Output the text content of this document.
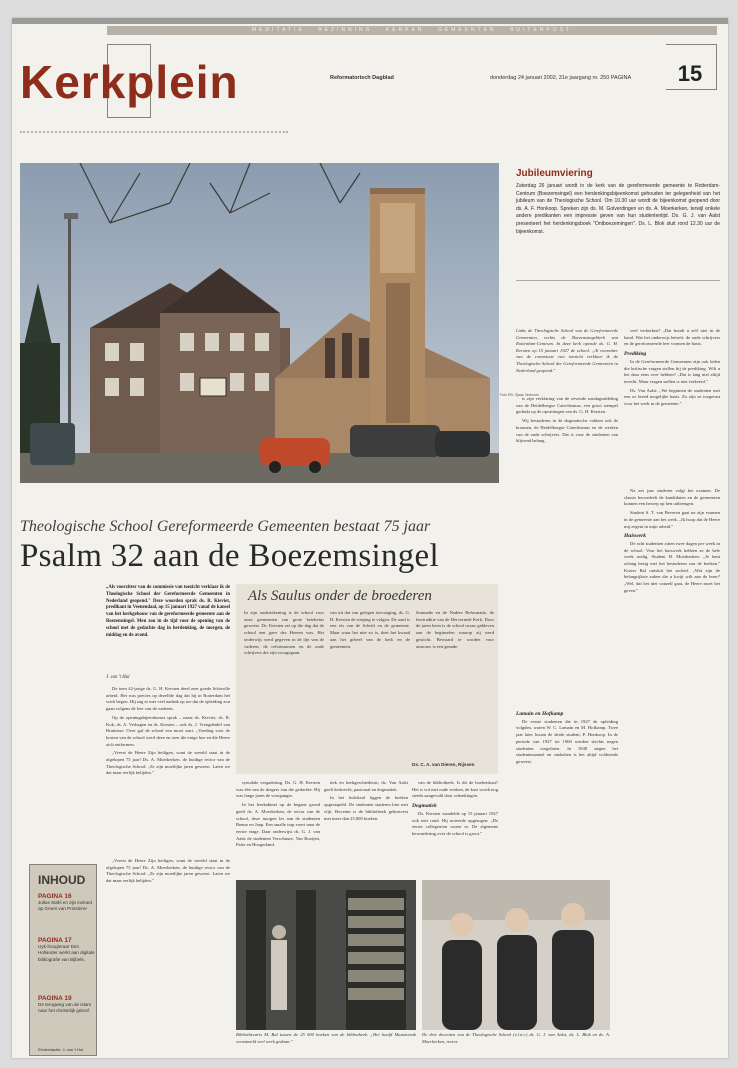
MEDITATIE · BEZINNING · KERKEN · GEMEENTEN · BUITENPOST
Kerkplein	Reformatorisch Dagblad	donderdag 24 januari 2002, 31e jaargang nr. 250 PAGINA	15
Foto RD, Sjaak Verboom
Jubileumviering

Zaterdag 26 januari wordt in de kerk van de gereformeerde gemeente te Rotterdam-Centrum (Boezemsingel) een herdenkingsbijeenkomst gehouden ter gelegenheid van het jubileum van de Theologische School. Om 10.30 uur wordt de bijeenkomst geopend door ds. A. F. Honkoop. Spreken zijn ds. M. Golverdingen en ds. A. Moerkerken, terwijl enkele andere predikanten een impressie geven van hun studententijd. Ds. G. J. van Aalst presenteert het herdenkingsboek "Ontboezemingen". Ds. L. Blok sluit rond 12.30 uur de bijeenkomst.

Links de Theologische School van de Gereformeerde Gemeenten, rechts de Boezemsingelkerk van Rotterdam-Centrum. In deze kerk opende ds. G. H. Kersten op 15 januari 1927 de school. „Al voorzitter van de commissie van toezicht verklaar ik de Theologische School der Gereformeerde Gemeenten in Nederland geopend."

is zijn verklaring van de zevende zondagsafdeling van de Heidelbergse Catechismus, een groot stempel gedrukt op de opvattingen van ds. G. H. Kersten.

Wij bestuderen in de dogmatische vakken ook de bronnen, de Heidelbergse Catechismus en de werken van de oude schrijvers. Dat is voor de studenten van blijvend belang.

veel verkerken? „Dat houdt u zelf niet in de hand. Wat het onderwijs betreft: de oude schrijvers en de gereformeerde leer vormen de basis.

Prediking

In de Gereformeerde Gemeenten zijn ook leden die kritische vragen stellen bij de prediking. Wilt u het daar eens over hebben? „Dat is lang niet altijd terecht. Maar vragen stellen is niet verkeerd."

Ds. Van Aalst: „We beginnen de studenten met een zo breed mogelijke basis. Zo zijn ze toegerust voor het werk in de gemeente."

Lamain en Hofkamp

De eerste studenten die in 1927 de opleiding volgden, waren W. C. Lamain en M. Hofkamp. Twee jaar later kwam de derde student, P. Honkoop. In de periode van 1927 tot 1960 werden slechts negen studenten toegelaten. In 1948 stegen het studentenaantal en sindsdien is het altijd voldoende geweest.

Na zes jaar studeren volgt het examen. De classis beoordeelt de kandidaten en de gemeenten kunnen een beroep op hen uitbrengen.

Student S. T. van Beveren gaat na zijn examen in de gemeente aan het werk. „Ik hoop dat de Heere mij zegent in mijn arbeid."

Huiswerk

De acht studenten zitten twee dagen per week in de school. Voor het huiswerk hebben ze de hele week nodig. Student H. Moerkerken: „Je bent zolang bezig met het bestuderen van de boeken." Koster Bal ontsluit het archief. „Wat zijn de belangrijkste zaken die u kwijt wilt aan de lezer? „Wel, dat het niet vanzelf gaat, de Heere moet het geven."

Theologische School Gereformeerde Gemeenten bestaat 75 jaar
Psalm 32 aan de Boezemsingel
„Als voorzitter van de commissie van toezicht verklaar ik de Theologische School der Gereformeerde Gemeenten in Nederland geopend." Deze woorden sprak ds. R. Kieviet, predikant in Veenendaal, op 15 januari 1927 vanaf de kansel van het kerkgebouw van de gereformeerde gemeente aan de Boezemsingel. Men zou in de tijd voor de opening van de school met de gedachte dag in herdenking, de morgen, de middag en de avond.
J. van 't Hul

De toen 42-jarige ds. G. H. Kersten deed zeer goede lichtvolle arbeid. Het was precies op dezelfde dag dat hij in Rotterdam het werk begon. Hij zag er met veel nadruk op toe dat de opleiding zou gaan volgens de leer van de vaderen.

Op de openingsbijeenkomst sprak – naast ds. Kieviet, ds. R. Kok, ds. A. Verhagen en ds. Kersten – ook ds. J. Vreugdenhil van Bruinisse. Over gaf de school een mooi start. „Voeding voor de kosten van de school werd deze en toen die enige hoe en die Heere zich ontfermen.

„Vreest de Heere Zijn heiligen, want de wereld staat in de afgelopen 75 jaar! Ds. A. Moerkerken, de huidige rector van de Theologische School: „Er zijn moeilijke jaren geweest. Laten we dat maar eerlijk belijden."

„Vreest de Heere Zijn heiligen, want de wereld staat in de afgelopen 75 jaar! Ds. A. Moerkerken, de huidige rector van de Theologische School: „Er zijn moeilijke jaren geweest. Laten we dat maar eerlijk belijden."

Als Saulus onder de broederen
In zijn ondertekening is de school voor onze gemeenten van grote betekenis geweest. Ds. Kersten zei op die dag dat de school een gave des Heeren was. Het onderwijs werd gegeven in de lijn van de vaderen, de reformatoren en de oude schrijvers die zijn voorgegaan.
van uit dat van gelegen toevoeging, ds. G. H. Kersten de roeping te volgen. De aard is een eis van de Schrift en de gemeente. Maar waar het niet zo is, doet het kwaad aan het geheel van de kerk en de gemeenten.
Sonnadte en de Nadere Reformatie, de leertraditie van de Hervormde Kerk. Door de jaren heen is de school trouw gebleven aan de beginselen waarop zij werd gesticht. Bewaard te worden voor ontrouw is een genade.
Ds. C. A. van Dieren, Rijssen

synodale vergadering. Ds. G. H. Kersten was één van de dragers van die gedachte. Hij was lange jaren de voorganger.

In het leerkabinet op de begane grond geeft ds. A. Moerkerken, de rector van de school, deze morgen les aan de studenten Benno en Jaap. Een smalle trap voert naar de eerste etage. Daar onderwijst ds. G. J. van Aalst de studenten Verschuure, Van Rooijen, Pater en Hoogerland.

tiek en kerkgeschiedenis; ds. Van Aalst geeft kerkrecht, pastoraal en dogmatiek.

In het leslokaal liggen de boeken opgestapeld. De studenten studeren hier met vlijt. Bovenin is de bibliotheek gehuisvest met meer dan 25.000 boeken.

van de bibliotheek. Is dit de boekenkast? Het is vol met oude werken, de kast wordt nog steeds aangevuld door schenkingen.

Dogmatiek

Ds. Kersten wandelde op 15 januari 1927 ook niet rond. Hij noteerde opgetogen: „De eerste collegeuren waren er. De algemene bewondering over de school is groot."

INHOUD
PAGINA 16
Jullus Stahl en zijn invloed op Groen van Prinsterer
PAGINA 17
Uyk-hoogleraar Den Hollander werkt aan digitale bibliografie van Bijbels.
PAGINA 19
De terugweg van de islam naar het christelijk geloof.
Eindredactie: J. van 't Hul
Bibliothecaris M. Bal tussen de 25 000 boeken van de bibliotheek. „Het hoofd Maastreeak verzaimeld veel werk gedaan."
De drie docenten van de Theologische School (v.l.n.r.) ds. G. J. van Aalst, ds. L. Blok en ds. A. Moerkerken, rector.
